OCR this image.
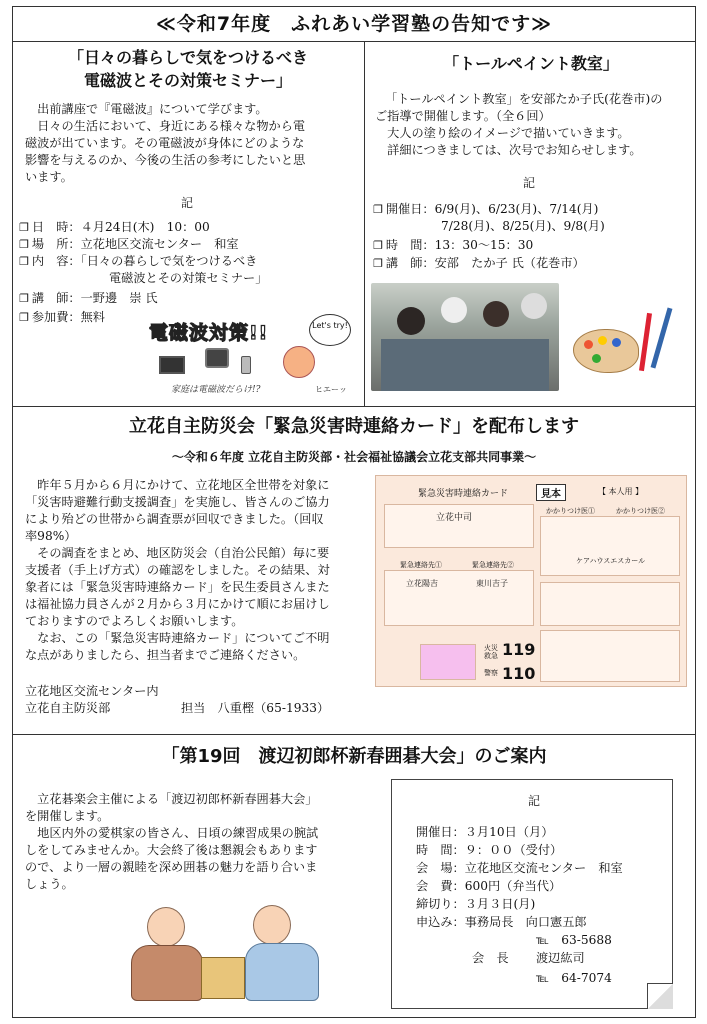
≪令和7年度　ふれあい学習塾の告知です≫
「日々の暮らしで気をつけるべき
電磁波とその対策セミナー」
　出前講座で『電磁波』について学びます。
　日々の生活において、身近にある様々な物から電
磁波が出ています。その電磁波が身体にどのような
影響を与えるのか、今後の生活の参考にしたいと思
います。
記
❐ 日　時：４月24日(木)　10：00
❐ 場　所：立花地区交流センター　和室
❐ 内　容：「日々の暮らしで気をつけるべき
電磁波とその対策セミナー」
❐ 講　師：一野邊　崇 氏
❐ 参加費：無料
電磁波対策!!	Let's try!
家庭は電磁波だらけ!?	ヒエーッ
「トールペイント教室」
「トールペイント教室」を安部たか子氏(花巻市)の
ご指導で開催します。（全６回）
　大人の塗り絵のイメージで描いていきます。
　詳細につきましては、次号でお知らせします。
記
❐ 開催日：6/9(月)、6/23(月)、7/14(月)
7/28(月)、8/25(月)、9/8(月)
❐ 時　間：13：30〜15：30
❐ 講　師：安部　たか子 氏（花巻市）
立花自主防災会「緊急災害時連絡カード」を配布します
〜令和６年度 立花自主防災部・社会福祉協議会立花支部共同事業〜
　昨年５月から６月にかけて、立花地区全世帯を対象に
「災害時避難行動支援調査」を実施し、皆さんのご協力
により殆どの世帯から調査票が回収できました。（回収
率98%）
　その調査をまとめ、地区防災会（自治公民館）毎に要
支援者（手上げ方式）の確認をしました。その結果、対
象者には「緊急災害時連絡カード」を民生委員さんまた
は福祉協力員さんが２月から３月にかけて順にお届けし
ておりますのでよろしくお願いします。
　なお、この「緊急災害時連絡カード」についてご不明
な点がありましたら、担当者までご連絡ください。
立花地区交流センター内
立花自主防災部	担当　八重樫（65-1933）
緊急災害時連絡カード	見本	【 本人用 】
立花中司
かかりつけ医①	かかりつけ医②
ケアハウスエスカール
緊急連絡先①	緊急連絡先②
立花陽吉	東川吉子
火災救急 119
警察 110
「第19回　渡辺初郎杯新春囲碁大会」のご案内
　立花碁楽会主催による「渡辺初郎杯新春囲碁大会」
を開催します。
　地区内外の愛棋家の皆さん、日頃の練習成果の腕試
しをしてみませんか。大会終了後は懇親会もあります
ので、より一層の親睦を深め囲碁の魅力を語り合いま
しょう。
記
開催日：３月10日（月）
時　間：９：００（受付）
会　場：立花地区交流センター　和室
会　費：600円（弁当代）
締切り：３月３日(月)
申込み：事務局長　向口憲五郎
℡　63-5688
会　長 渡辺紘司
℡　64-7074
